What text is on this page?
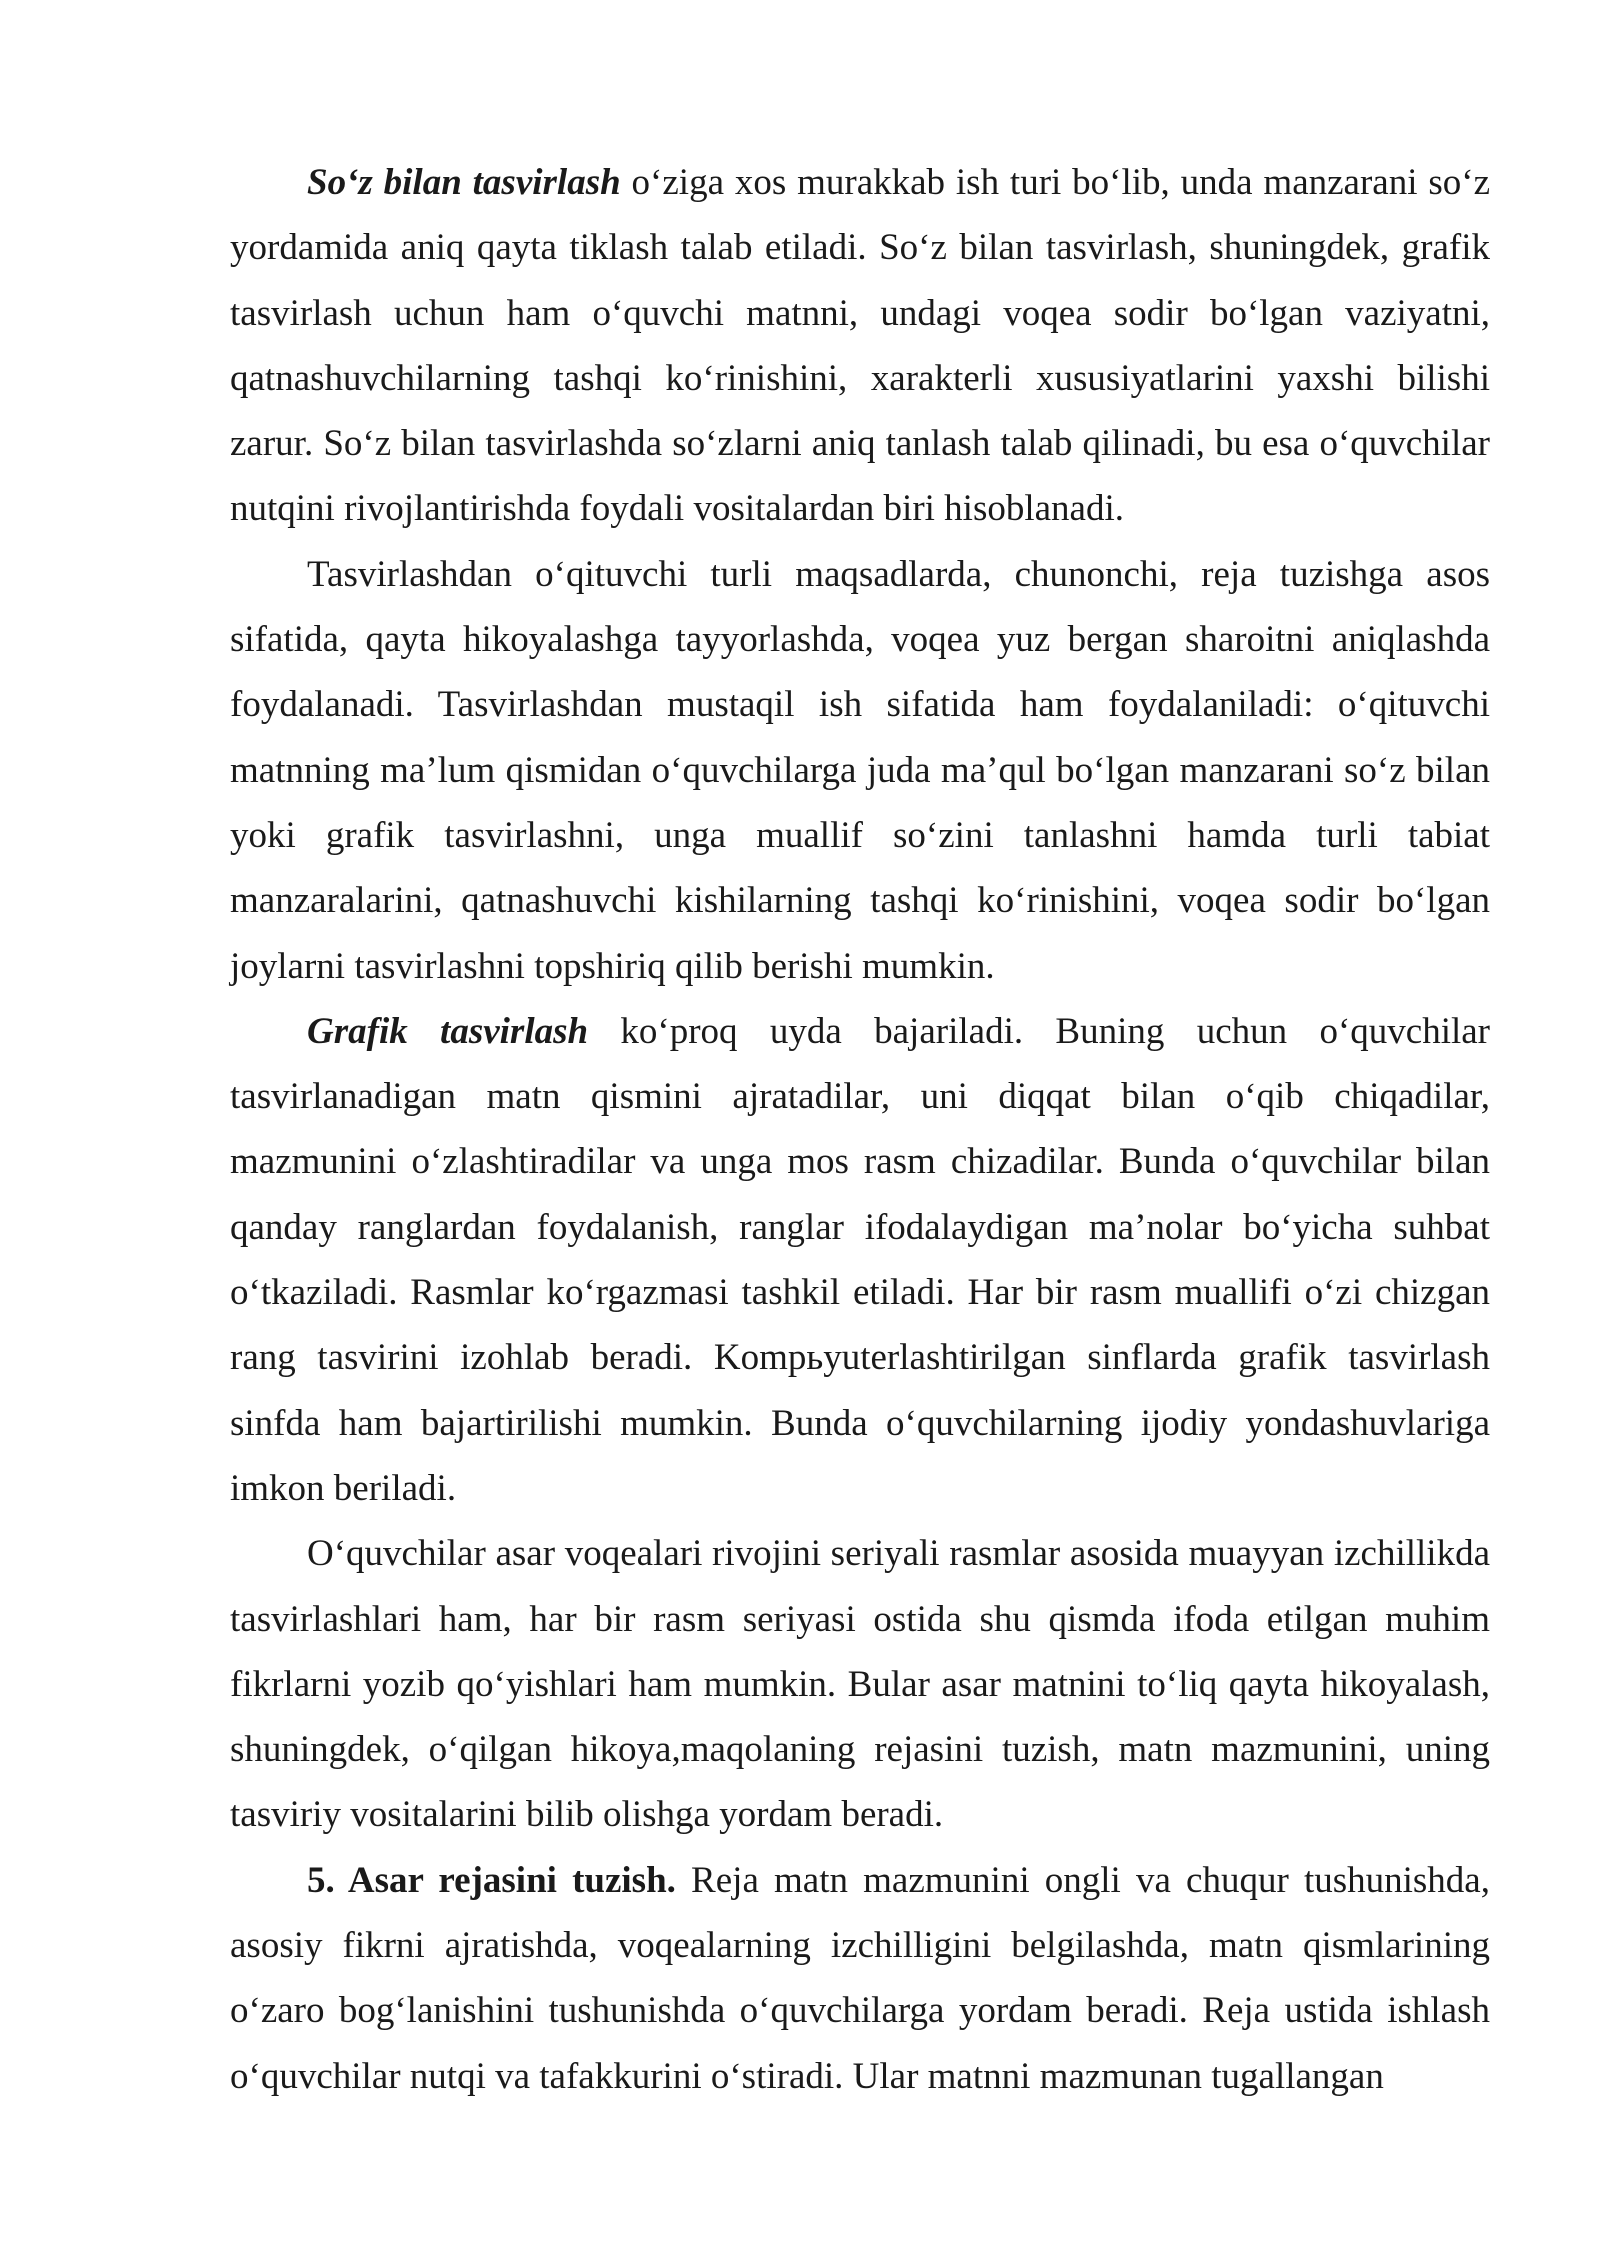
So‘z bilan tasvirlash o‘ziga xos murakkab ish turi bo‘lib, unda manzarani so‘z yordamida aniq qayta tiklash talab etiladi. So‘z bilan tasvirlash, shuningdek, grafik tasvirlash uchun ham o‘quvchi matnni, undagi voqea sodir bo‘lgan vaziyatni, qatnashuvchilarning tashqi ko‘rinishini, xarakterli xususiyatlarini yaxshi bilishi zarur. So‘z bilan tasvirlashda so‘zlarni aniq tanlash talab qilinadi, bu esa o‘quvchilar nutqini rivojlantirishda foydali vositalardan biri hisoblanadi.

Tasvirlashdan o‘qituvchi turli maqsadlarda, chunonchi, reja tuzishga asos sifatida, qayta hikoyalashga tayyorlashda, voqea yuz bergan sharoitni aniqlashda foydalanadi. Tasvirlashdan mustaqil ish sifatida ham foydalaniladi: o‘qituvchi matnning ma’lum qismidan o‘quvchilarga juda ma’qul bo‘lgan manzarani so‘z bilan yoki grafik tasvirlashni, unga muallif so‘zini tanlashni hamda turli tabiat manzaralarini, qatnashuvchi kishilarning tashqi ko‘rinishini, voqea sodir bo‘lgan joylarni tasvirlashni topshiriq qilib berishi mumkin.

Grafik tasvirlash ko‘proq uyda bajariladi. Buning uchun o‘quvchilar tasvirlanadigan matn qismini ajratadilar, uni diqqat bilan o‘qib chiqadilar, mazmunini o‘zlashtiradilar va unga mos rasm chizadilar. Bunda o‘quvchilar bilan qanday ranglardan foydalanish, ranglar ifodalaydigan ma’nolar bo‘yicha suhbat o‘tkaziladi. Rasmlar ko‘rgazmasi tashkil etiladi. Har bir rasm muallifi o‘zi chizgan rang tasvirini izohlab beradi. Kompьyuterlashtirilgan sinflarda grafik tasvirlash sinfda ham bajartirilishi mumkin. Bunda o‘quvchilarning ijodiy yondashuvlariga imkon beriladi.

O‘quvchilar asar voqealari rivojini seriyali rasmlar asosida muayyan izchillikda tasvirlashlari ham, har bir rasm seriyasi ostida shu qismda ifoda etilgan muhim fikrlarni yozib qo‘yishlari ham mumkin. Bular asar matnini to‘liq qayta hikoyalash, shuningdek, o‘qilgan hikoya,maqolaning rejasini tuzish, matn mazmunini, uning tasviriy vositalarini bilib olishga yordam beradi.

5. Asar rejasini tuzish. Reja matn mazmunini ongli va chuqur tushunishda, asosiy fikrni ajratishda, voqealarning izchilligini belgilashda, matn qismlarining o‘zaro bog‘lanishini tushunishda o‘quvchilarga yordam beradi. Reja ustida ishlash o‘quvchilar nutqi va tafakkurini o‘stiradi. Ular matnni mazmunan tugallangan
